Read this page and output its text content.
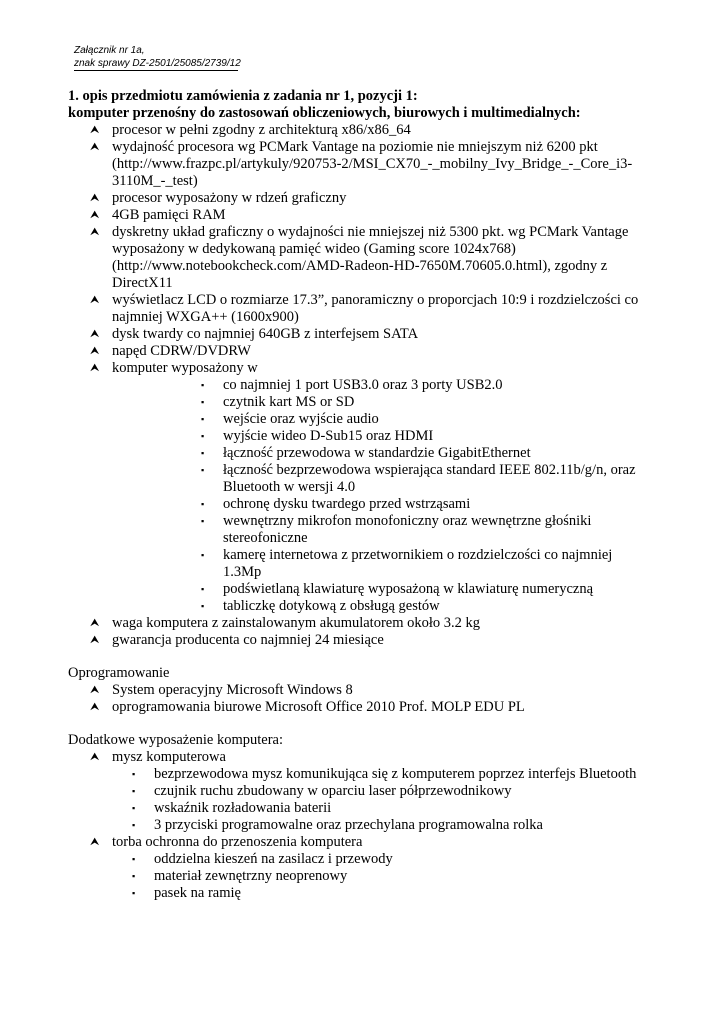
Załącznik nr 1a,
znak sprawy DZ-2501/25085/2739/12
1. opis przedmiotu zamówienia z zadania nr 1, pozycji 1:
komputer przenośny do zastosowań obliczeniowych, biurowych i multimedialnych:
⮝ procesor w pełni zgodny z architekturą x86/x86_64
⮝ wydajność procesora wg PCMark Vantage na poziomie nie mniejszym niż 6200 pkt
(http://www.frazpc.pl/artykuly/920753-2/MSI_CX70_-_mobilny_Ivy_Bridge_-_Core_i3-
3110M_-_test)
⮝ procesor wyposażony w rdzeń graficzny
⮝ 4GB pamięci RAM
⮝ dyskretny układ graficzny o wydajności nie mniejszej niż 5300 pkt. wg PCMark Vantage
wyposażony w dedykowaną pamięć wideo (Gaming score 1024x768)
(http://www.notebookcheck.com/AMD-Radeon-HD-7650M.70605.0.html), zgodny z
DirectX11
⮝ wyświetlacz LCD o rozmiarze 17.3”, panoramiczny o proporcjach 10:9 i rozdzielczości co
najmniej WXGA++ (1600x900)
⮝ dysk twardy co najmniej 640GB z interfejsem SATA
⮝ napęd CDRW/DVDRW
⮝ komputer wyposażony w
▪ co najmniej 1 port USB3.0 oraz 3 porty USB2.0
▪ czytnik kart MS or SD
▪ wejście oraz wyjście audio
▪ wyjście wideo D-Sub15 oraz HDMI
▪ łączność przewodowa w standardzie GigabitEthernet
▪ łączność bezprzewodowa wspierająca standard IEEE 802.11b/g/n, oraz
Bluetooth w wersji 4.0
▪ ochronę dysku twardego przed wstrząsami
▪ wewnętrzny mikrofon monofoniczny oraz wewnętrzne głośniki
stereofoniczne
▪ kamerę internetowa z przetwornikiem o rozdzielczości co najmniej
1.3Mp
▪ podświetlaną klawiaturę wyposażoną w klawiaturę numeryczną
▪ tabliczkę dotykową z obsługą gestów
⮝ waga komputera z zainstalowanym akumulatorem około 3.2 kg
⮝ gwarancja producenta co najmniej 24 miesiące
Oprogramowanie
⮝ System operacyjny Microsoft Windows 8
⮝ oprogramowania biurowe Microsoft Office 2010 Prof. MOLP EDU PL
Dodatkowe wyposażenie komputera:
⮝ mysz komputerowa
▪ bezprzewodowa mysz komunikująca się z komputerem poprzez interfejs Bluetooth
▪ czujnik ruchu zbudowany w oparciu laser półprzewodnikowy
▪ wskaźnik rozładowania baterii
▪ 3 przyciski programowalne oraz przechylana programowalna rolka
⮝ torba ochronna do przenoszenia komputera
▪ oddzielna kieszeń na zasilacz i przewody
▪ materiał zewnętrzny neoprenowy
▪ pasek na ramię
